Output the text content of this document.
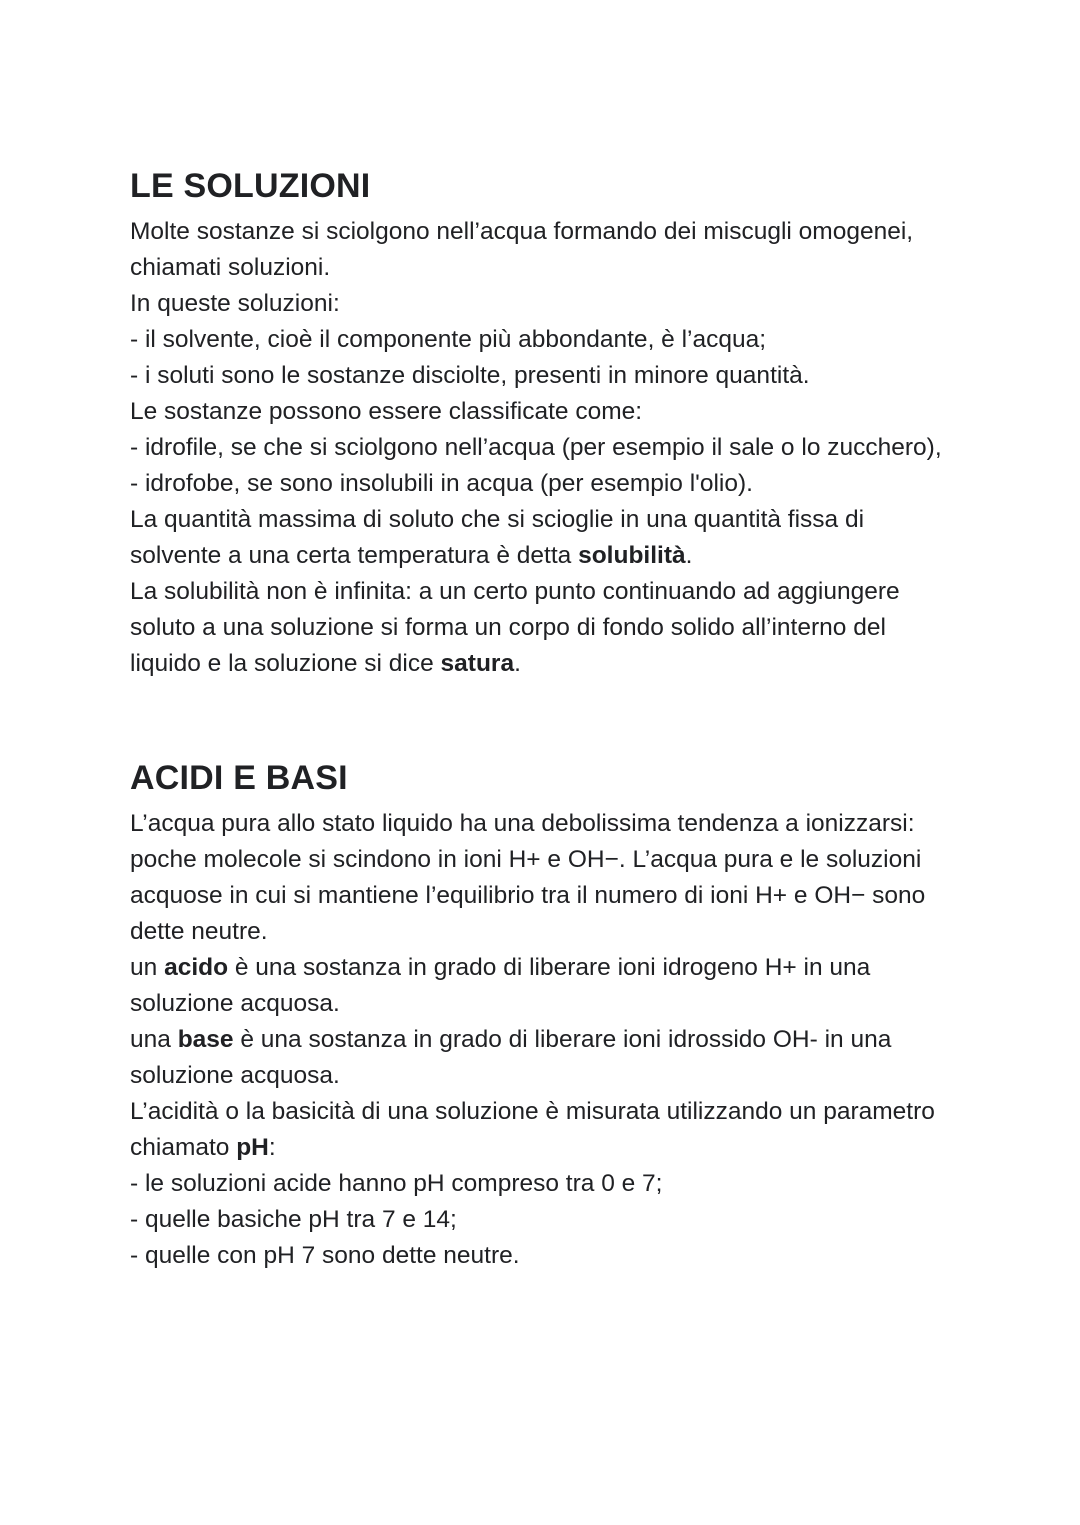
LE SOLUZIONI

Molte sostanze si sciolgono nell’acqua formando dei miscugli omogenei, chiamati soluzioni.

In queste soluzioni:

- il solvente, cioè il componente più abbondante, è l’acqua;

- i soluti sono le sostanze disciolte, presenti in minore quantità.

Le sostanze possono essere classificate come:

- idrofile, se che si sciolgono nell’acqua (per esempio il sale o lo zucchero),

- idrofobe, se sono insolubili in acqua (per esempio l'olio).

La quantità massima di soluto che si scioglie in una quantità fissa di solvente a una certa temperatura è detta solubilità.

La solubilità non è infinita: a un certo punto continuando ad aggiungere soluto a una soluzione si forma un corpo di fondo solido all’interno del liquido e la soluzione si dice satura.

ACIDI E BASI

L’acqua pura allo stato liquido ha una debolissima tendenza a ionizzarsi: poche molecole si scindono in ioni H+ e OH−. L’acqua pura e le soluzioni acquose in cui si mantiene l’equilibrio tra il numero di ioni H+ e OH− sono dette neutre.

un acido è una sostanza in grado di liberare ioni idrogeno H+ in una soluzione acquosa.

una base è una sostanza in grado di liberare ioni idrossido OH- in una soluzione acquosa.

L’acidità o la basicità di una soluzione è misurata utilizzando un parametro chiamato pH:

- le soluzioni acide hanno pH compreso tra 0 e 7;

- quelle basiche pH tra 7 e 14;

- quelle con pH 7 sono dette neutre.
